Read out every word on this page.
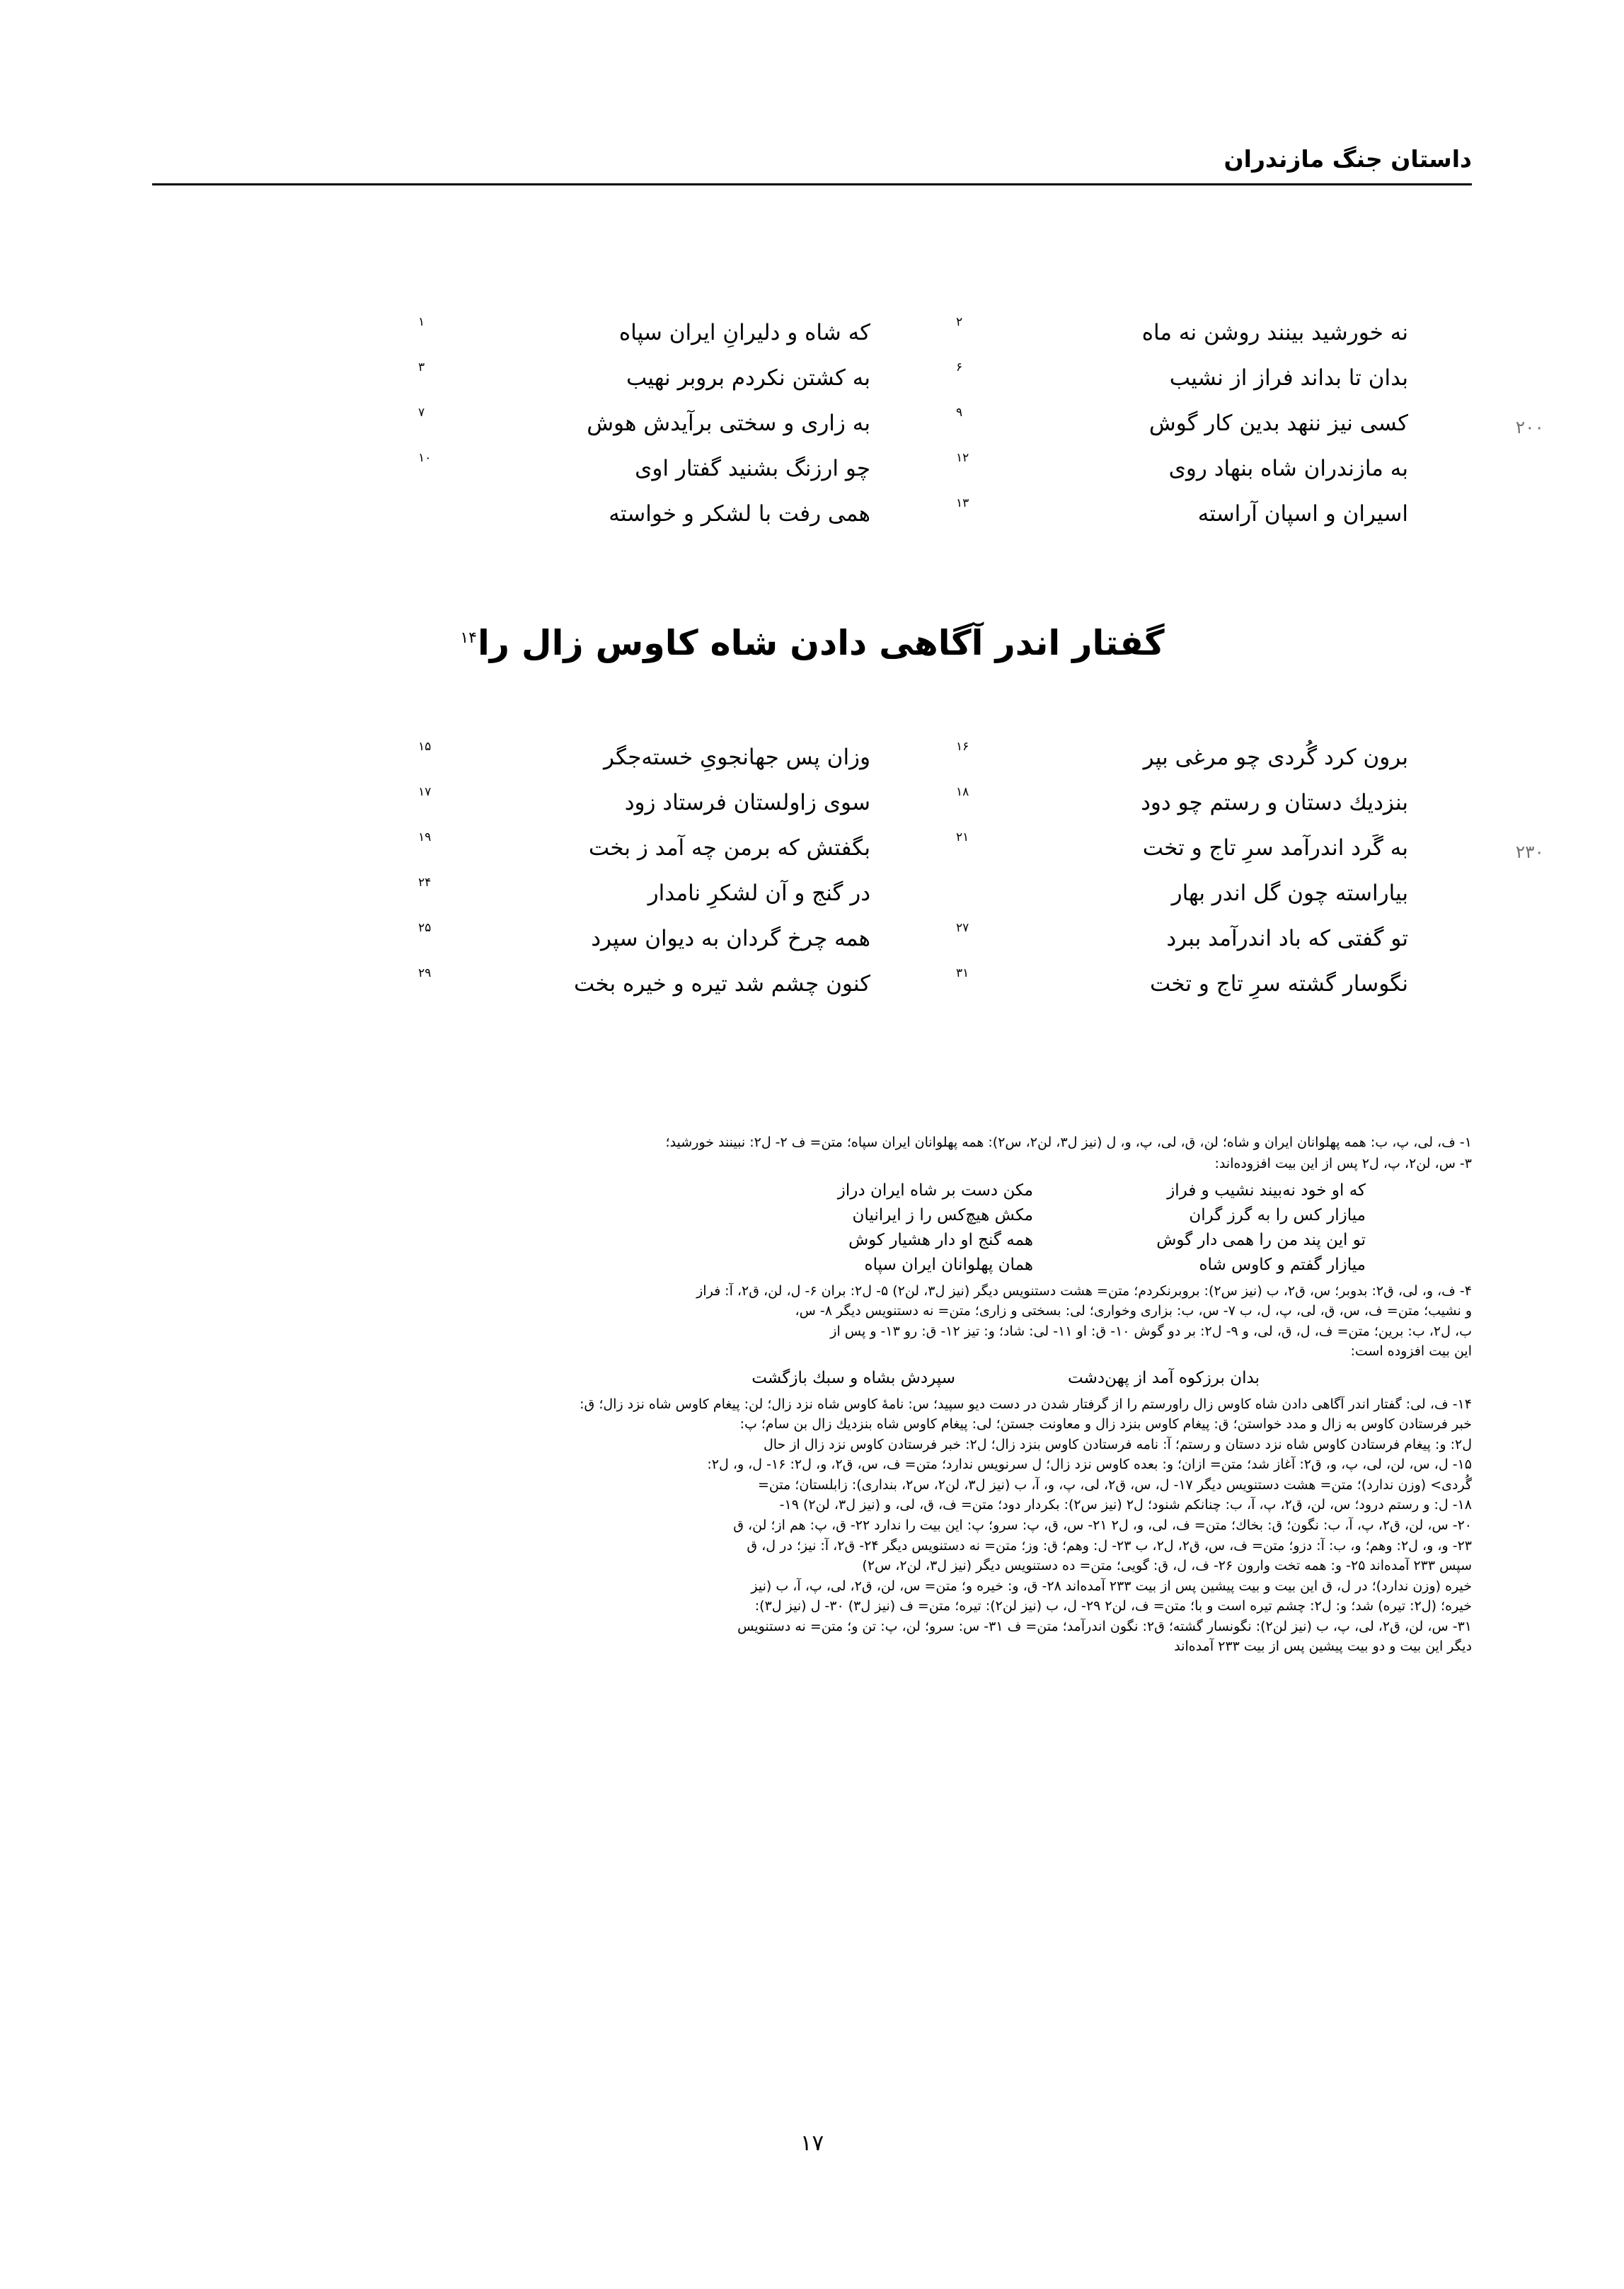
داستان جنگ مازندران
نه خورشید بینند روشن نه ماه
۲
که شاه و دلیرانِ ایران سپاه
۱
بدان تا بداند فراز از نشیب
۶
به کشتن نکردم بروبر نهیب
۳
۲۰۰
کسی نیز ننهد بدین کار گوش
۹
به زاری و سختی برآیدش هوش
۷
به مازندران شاه بنهاد روی
۱۲
چو ارزنگ بشنید گفتار اوی
۱۰
اسیران و اسپان آراسته
۱۳
همی رفت با لشکر و خواسته
گفتار اندر آگاهی دادن شاه کاوس زال را$^{۱۴}$
برون کرد گُردی چو مرغی بپر
۱۶
وزان پس جهانجویِ خسته‌جگر
۱۵
بنزدیك دستان و رستم چو دود
۱۸
سوی زاولستان فرستاد زود
۱۷
۲۳۰
به گَرد اندرآمد سرِ تاج و تخت
۲۱
بگفتش که برمن چه آمد ز بخت
۱۹
بیاراسته چون گل اندر بهار
در گنج و آن لشکرِ نامدار
۲۴
تو گفتی که باد اندرآمد ببرد
۲۷
همه چرخ گردان به دیوان سپرد
۲۵
نگوسار گشته سرِ تاج و تخت
۳۱
کنون چشم شد تیره و خیره بخت
۲۹
۱- ف، لی، پ، ب: همه پهلوانان ایران و شاه؛ لن، ق، لی، پ، و، ل (نیز ل۳، لن۲، س۲): همه پهلوانان ایران سپاه؛ متن= ف ۲- ل۲: نبینند خورشید؛
۳- س، لن۲، پ، ل۲ پس از این بیت افزوده‌اند:
که او خود نه‌بیند نشیب و فراز
مکن دست بر شاه ایران دراز
میازار کس را به گرز گران
مکش هیچ‌کس را ز ایرانیان
تو این پند من را همی دار گوش
همه گنج او دار هشیار کوش
میازار گفتم و کاوس شاه
همان پهلوانان ایران سپاه
۴- ف، و، لی، ق۲: بدوبر؛ س، ق۲، ب (نیز س۲): بروبرنکردم؛ متن= هشت دستنویس دیگر (نیز ل۳، لن۲) ۵- ل۲: بران ۶- ل، لن، ق۲، آ: فراز
و نشیب؛ متن= ف، س، ق، لی، پ، ل، ب ۷- س، ب: بزاری وخواری؛ لی: بسختی و زاری؛ متن= نه دستنویس دیگر ۸- س،
ب، ل۲، ب: برین؛ متن= ف، ل، ق، لی، و ۹- ل۲: بر دو گوش ۱۰- ق: او ۱۱- لی: شاد؛ و: تیز ۱۲- ق: رو ۱۳- و پس از
این بیت افزوده است:
بدان برزکوه آمد از پهن‌دشت
سپردش بشاه و سبك بازگشت
۱۴- ف، لی: گفتار اندر آگاهی دادن شاه کاوس زال راورستم را از گرفتار شدن در دست دیو سپید؛ س: نامهٔ کاوس شاه نزد زال؛ لن: پیغام کاوس شاه نزد زال؛ ق:
خبر فرستادن کاوس به زال و مدد خواستن؛ ق: پیغام کاوس بنزد زال و معاونت جستن؛ لی: پیغام کاوس شاه بنزدیك زال بن سام؛ پ:
ل۲: و: پیغام فرستادن کاوس شاه نزد دستان و رستم؛ آ: نامه فرستادن کاوس بنزد زال؛ ل۲: خبر فرستادن کاوس نزد زال از حال
۱۵- ل، س، لن، لی، پ، و، ق۲: آغاز شد؛ متن= ازان؛ و: بعده کاوس نزد زال؛ ل سرنویس ندارد؛ متن= ف، س، ق۲، و، ل۲: ۱۶- ل، و، ل۲:
گُردی> (وزن ندارد)؛ متن= هشت دستنویس دیگر ۱۷- ل، س، ق۲، لی، پ، و، آ، ب (نیز ل۳، لن۲، س۲، بنداری): زابلستان؛ متن=
۱۸- ل: و رستم درود؛ س، لن، ق۲، پ، آ، ب: چنانکم شنود؛ ل۲ (نیز س۲): بکردار دود؛ متن= ف، ق، لی، و (نیز ل۳، لن۲) ۱۹-
۲۰- س، لن، ق۲، پ، آ، ب: نگون؛ ق: بخاك؛ متن= ف، لی، و، ل۲ ۲۱- س، ق، پ: سرو؛ پ: این بیت را ندارد ۲۲- ق، پ: هم از؛ لن، ق
۲۳- و، و، ل۲: وهم؛ و، ب: آ: دزو؛ متن= ف، س، ق۲، ل۲، ب ۲۳- ل: وهم؛ ق: وز؛ متن= نه دستنویس دیگر ۲۴- ق۲، آ: نیز؛ در ل، ق
سپس ۲۳۳ آمده‌اند ۲۵- و: همه تخت وارون ۲۶- ف، ل، ق: گویی؛ متن= ده دستنویس دیگر (نیز ل۳، لن۲، س۲)
خیره (وزن ندارد)؛ در ل، ق این بیت و بیت پیشین پس از بیت ۲۳۳ آمده‌اند ۲۸- ق، و: خیره و؛ متن= س، لن، ق۲، لی، پ، آ، ب (نیز
خیره؛ (ل۲: تیره) شد؛ و: ل۲: چشم تیره است و با؛ متن= ف، لن۲ ۲۹- ل، ب (نیز لن۲): تیره؛ متن= ف (نیز ل۳) ۳۰- ل (نیز ل۳):
۳۱- س، لن، ق۲، لی، پ، ب (نیز لن۲): نگونسار گشته؛ ق۲: نگون اندرآمد؛ متن= ف ۳۱- س: سرو؛ لن، پ: تن و؛ متن= نه دستنویس
دیگر این بیت و دو بیت پیشین پس از بیت ۲۳۳ آمده‌اند
۱۷
